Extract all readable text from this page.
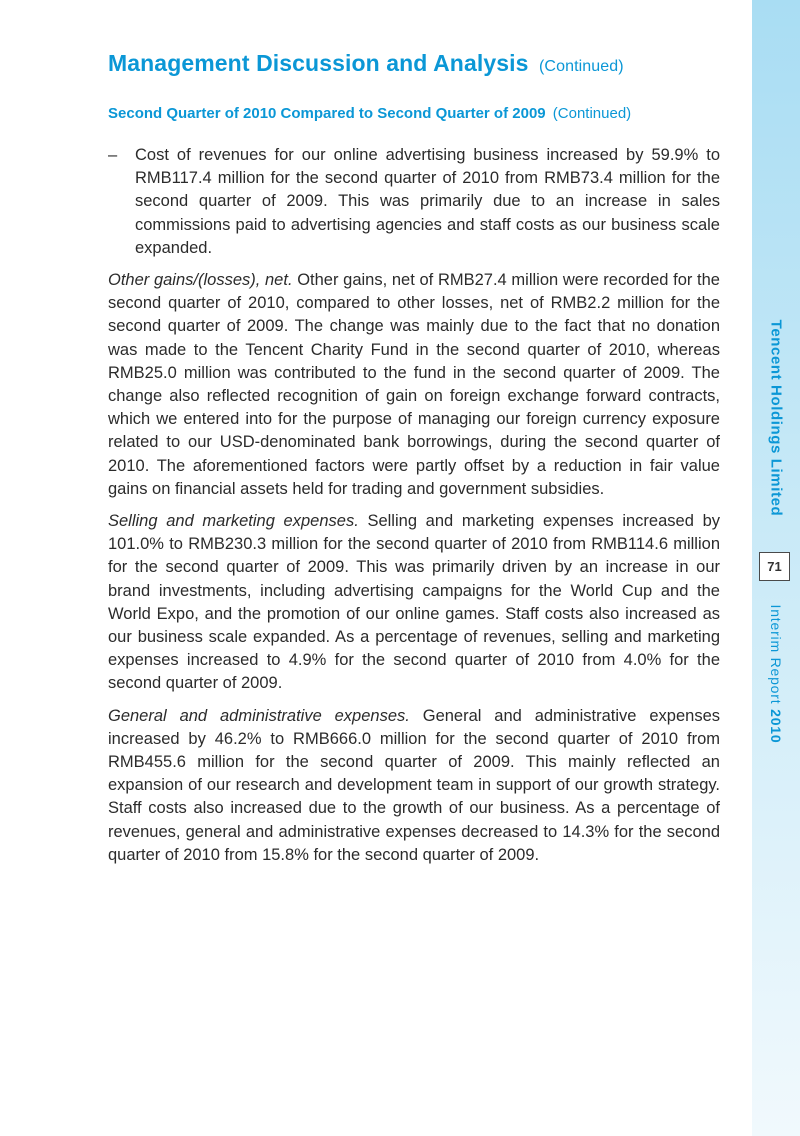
Management Discussion and Analysis (Continued)
Second Quarter of 2010 Compared to Second Quarter of 2009 (Continued)
– Cost of revenues for our online advertising business increased by 59.9% to RMB117.4 million for the second quarter of 2010 from RMB73.4 million for the second quarter of 2009. This was primarily due to an increase in sales commissions paid to advertising agencies and staff costs as our business scale expanded.

Other gains/(losses), net. Other gains, net of RMB27.4 million were recorded for the second quarter of 2010, compared to other losses, net of RMB2.2 million for the second quarter of 2009. The change was mainly due to the fact that no donation was made to the Tencent Charity Fund in the second quarter of 2010, whereas RMB25.0 million was contributed to the fund in the second quarter of 2009. The change also reflected recognition of gain on foreign exchange forward contracts, which we entered into for the purpose of managing our foreign currency exposure related to our USD-denominated bank borrowings, during the second quarter of 2010. The aforementioned factors were partly offset by a reduction in fair value gains on financial assets held for trading and government subsidies.

Selling and marketing expenses. Selling and marketing expenses increased by 101.0% to RMB230.3 million for the second quarter of 2010 from RMB114.6 million for the second quarter of 2009. This was primarily driven by an increase in our brand investments, including advertising campaigns for the World Cup and the World Expo, and the promotion of our online games. Staff costs also increased as our business scale expanded. As a percentage of revenues, selling and marketing expenses increased to 4.9% for the second quarter of 2010 from 4.0% for the second quarter of 2009.

General and administrative expenses. General and administrative expenses increased by 46.2% to RMB666.0 million for the second quarter of 2010 from RMB455.6 million for the second quarter of 2009. This mainly reflected an expansion of our research and development team in support of our growth strategy. Staff costs also increased due to the growth of our business. As a percentage of revenues, general and administrative expenses decreased to 14.3% for the second quarter of 2010 from 15.8% for the second quarter of 2009.

Tencent Holdings Limited
71
Interim Report 2010
